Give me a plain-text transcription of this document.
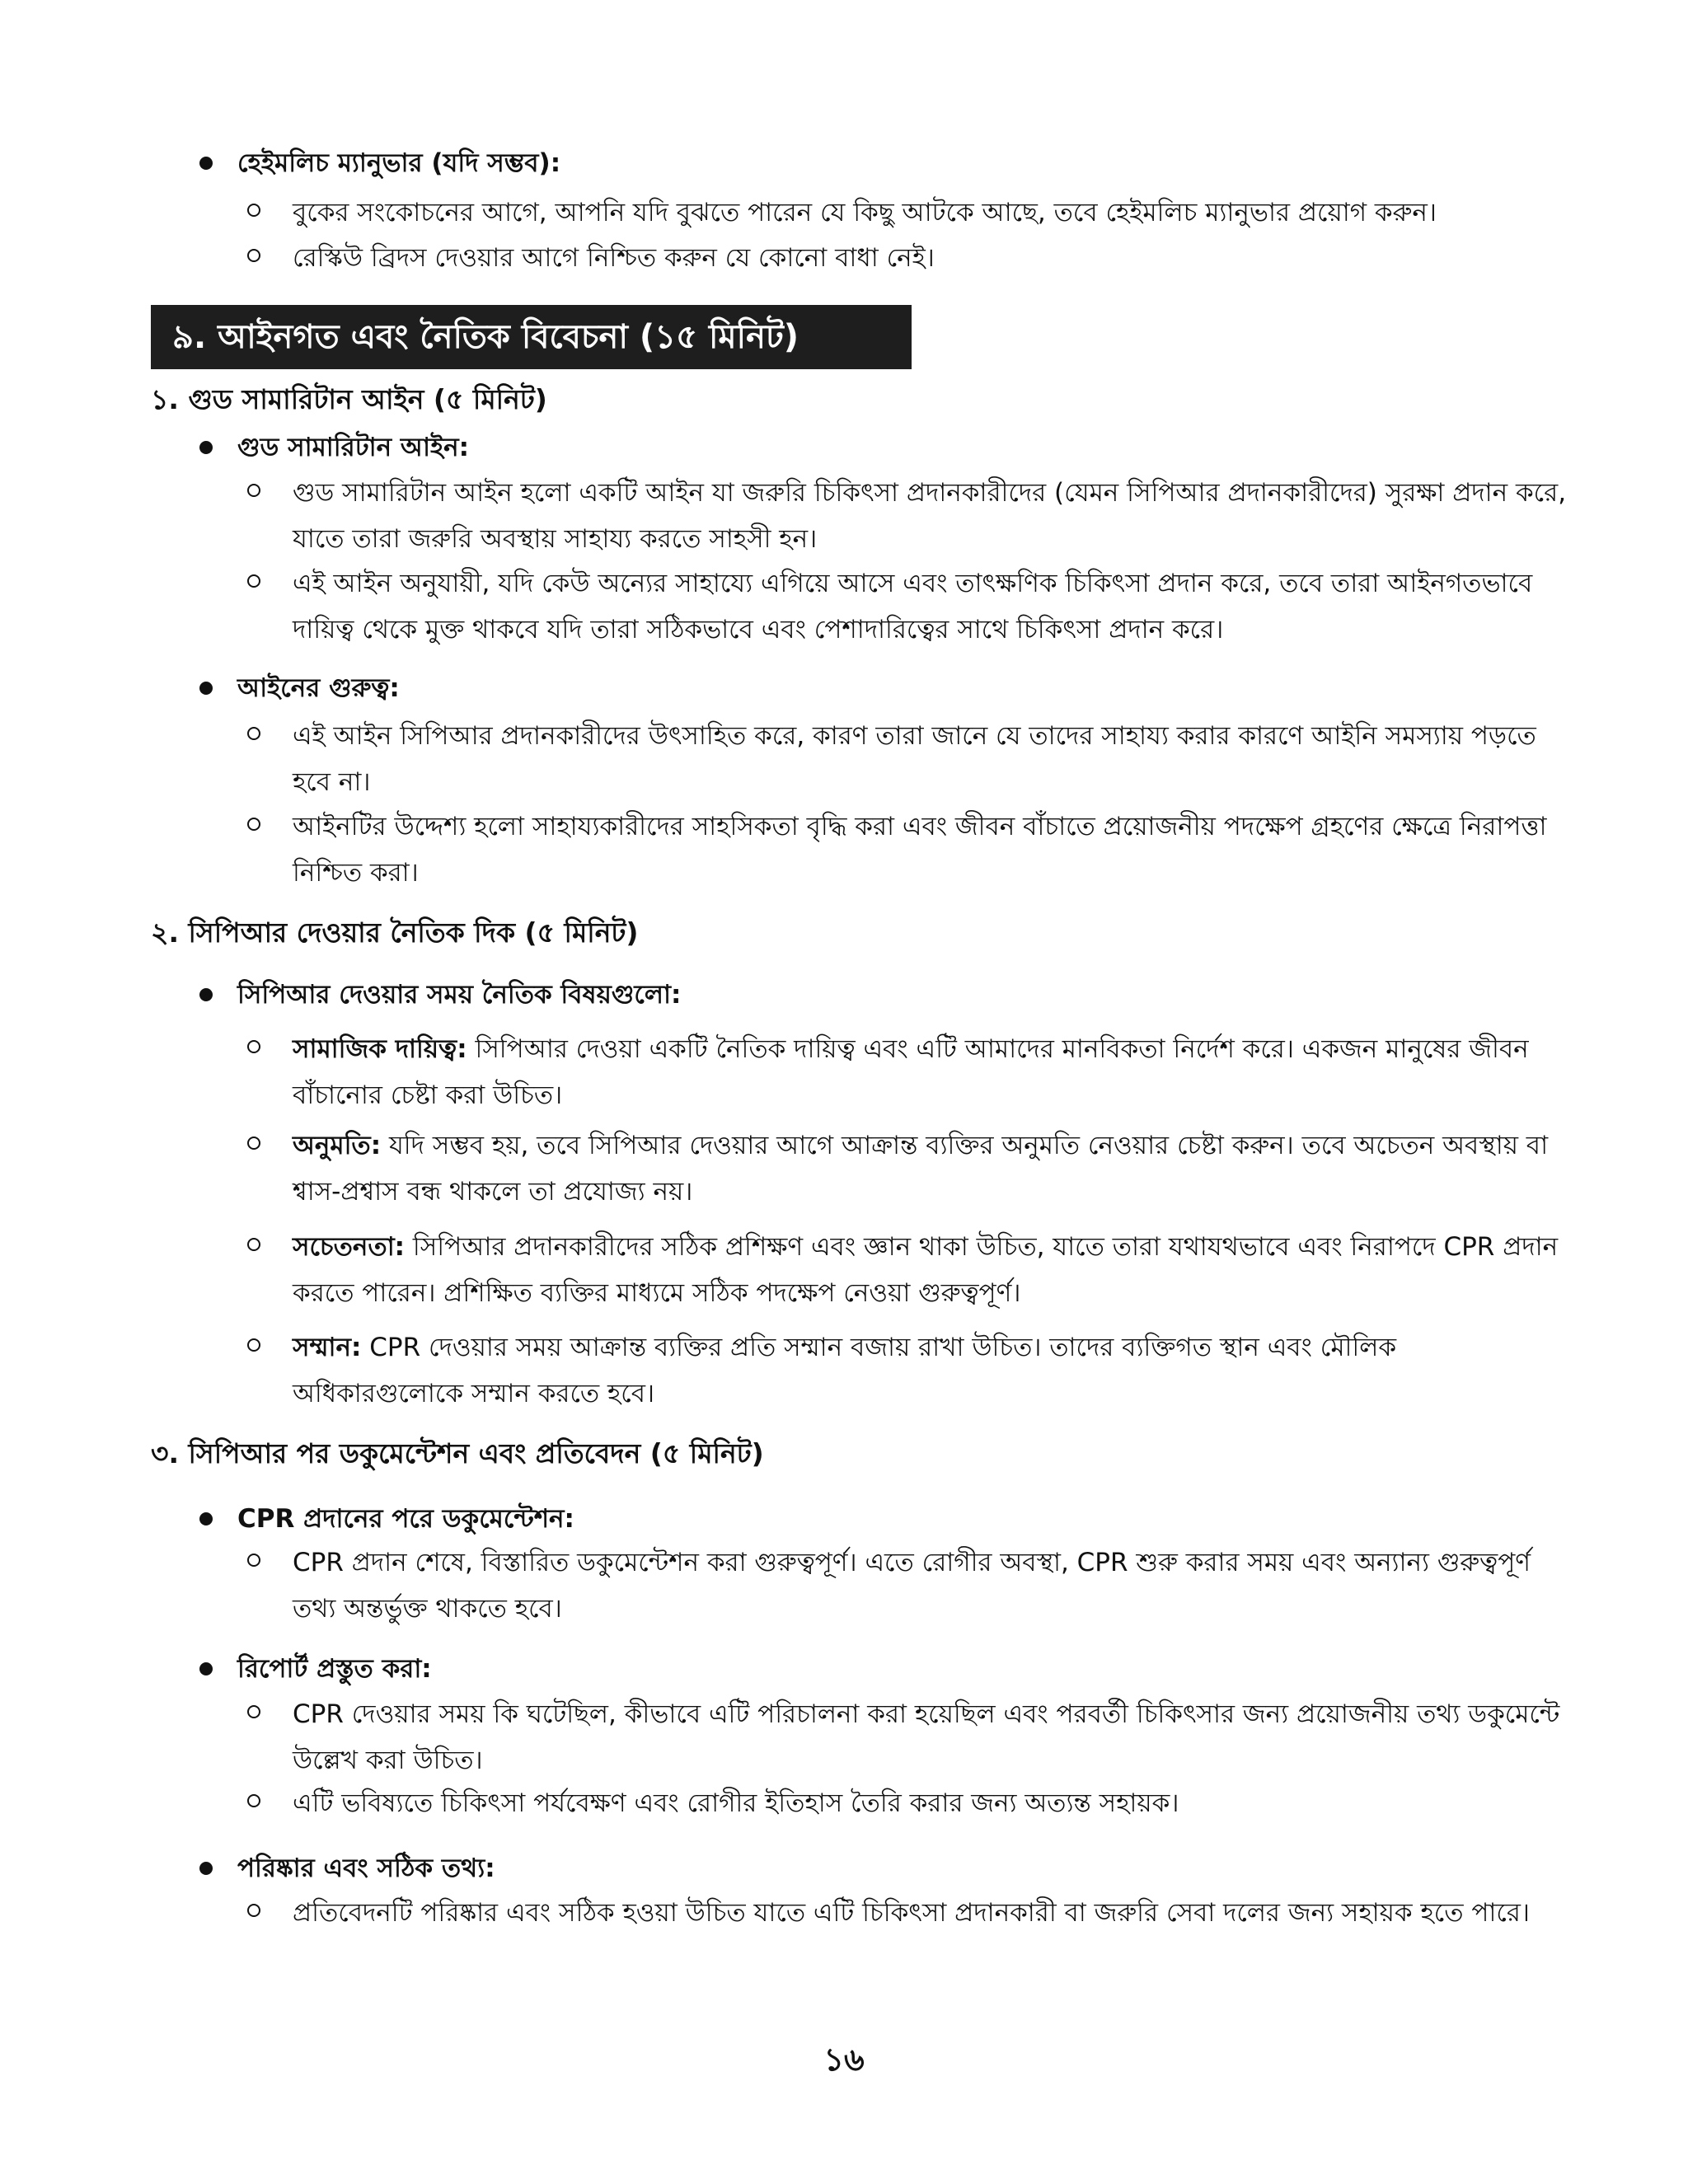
হেইমলিচ ম্যানুভার (যদি সম্ভব):
বুকের সংকোচনের আগে, আপনি যদি বুঝতে পারেন যে কিছু আটকে আছে, তবে হেইমলিচ ম্যানুভার প্রয়োগ করুন।
রেস্কিউ ব্রিদস দেওয়ার আগে নিশ্চিত করুন যে কোনো বাধা নেই।
৯. আইনগত এবং নৈতিক বিবেচনা (১৫ মিনিট)
১. গুড সামারিটান আইন (৫ মিনিট)
গুড সামারিটান আইন:
গুড সামারিটান আইন হলো একটি আইন যা জরুরি চিকিৎসা প্রদানকারীদের (যেমন সিপিআর প্রদানকারীদের) সুরক্ষা প্রদান করে, যাতে তারা জরুরি অবস্থায় সাহায্য করতে সাহসী হন।
এই আইন অনুযায়ী, যদি কেউ অন্যের সাহায্যে এগিয়ে আসে এবং তাৎক্ষণিক চিকিৎসা প্রদান করে, তবে তারা আইনগতভাবে দায়িত্ব থেকে মুক্ত থাকবে যদি তারা সঠিকভাবে এবং পেশাদারিত্বের সাথে চিকিৎসা প্রদান করে।
আইনের গুরুত্ব:
এই আইন সিপিআর প্রদানকারীদের উৎসাহিত করে, কারণ তারা জানে যে তাদের সাহায্য করার কারণে আইনি সমস্যায় পড়তে হবে না।
আইনটির উদ্দেশ্য হলো সাহায্যকারীদের সাহসিকতা বৃদ্ধি করা এবং জীবন বাঁচাতে প্রয়োজনীয় পদক্ষেপ গ্রহণের ক্ষেত্রে নিরাপত্তা নিশ্চিত করা।
২. সিপিআর দেওয়ার নৈতিক দিক (৫ মিনিট)
সিপিআর দেওয়ার সময় নৈতিক বিষয়গুলো:
সামাজিক দায়িত্ব: সিপিআর দেওয়া একটি নৈতিক দায়িত্ব এবং এটি আমাদের মানবিকতা নির্দেশ করে। একজন মানুষের জীবন বাঁচানোর চেষ্টা করা উচিত।
অনুমতি: যদি সম্ভব হয়, তবে সিপিআর দেওয়ার আগে আক্রান্ত ব্যক্তির অনুমতি নেওয়ার চেষ্টা করুন। তবে অচেতন অবস্থায় বা শ্বাস-প্রশ্বাস বন্ধ থাকলে তা প্রযোজ্য নয়।
সচেতনতা: সিপিআর প্রদানকারীদের সঠিক প্রশিক্ষণ এবং জ্ঞান থাকা উচিত, যাতে তারা যথাযথভাবে এবং নিরাপদে CPR প্রদান করতে পারেন। প্রশিক্ষিত ব্যক্তির মাধ্যমে সঠিক পদক্ষেপ নেওয়া গুরুত্বপূর্ণ।
সম্মান: CPR দেওয়ার সময় আক্রান্ত ব্যক্তির প্রতি সম্মান বজায় রাখা উচিত। তাদের ব্যক্তিগত স্থান এবং মৌলিক অধিকারগুলোকে সম্মান করতে হবে।
৩. সিপিআর পর ডকুমেন্টেশন এবং প্রতিবেদন (৫ মিনিট)
CPR প্রদানের পরে ডকুমেন্টেশন:
CPR প্রদান শেষে, বিস্তারিত ডকুমেন্টেশন করা গুরুত্বপূর্ণ। এতে রোগীর অবস্থা, CPR শুরু করার সময় এবং অন্যান্য গুরুত্বপূর্ণ তথ্য অন্তর্ভুক্ত থাকতে হবে।
রিপোর্ট প্রস্তুত করা:
CPR দেওয়ার সময় কি ঘটেছিল, কীভাবে এটি পরিচালনা করা হয়েছিল এবং পরবর্তী চিকিৎসার জন্য প্রয়োজনীয় তথ্য ডকুমেন্টে উল্লেখ করা উচিত।
এটি ভবিষ্যতে চিকিৎসা পর্যবেক্ষণ এবং রোগীর ইতিহাস তৈরি করার জন্য অত্যন্ত সহায়ক।
পরিষ্কার এবং সঠিক তথ্য:
প্রতিবেদনটি পরিষ্কার এবং সঠিক হওয়া উচিত যাতে এটি চিকিৎসা প্রদানকারী বা জরুরি সেবা দলের জন্য সহায়ক হতে পারে।
১৬
